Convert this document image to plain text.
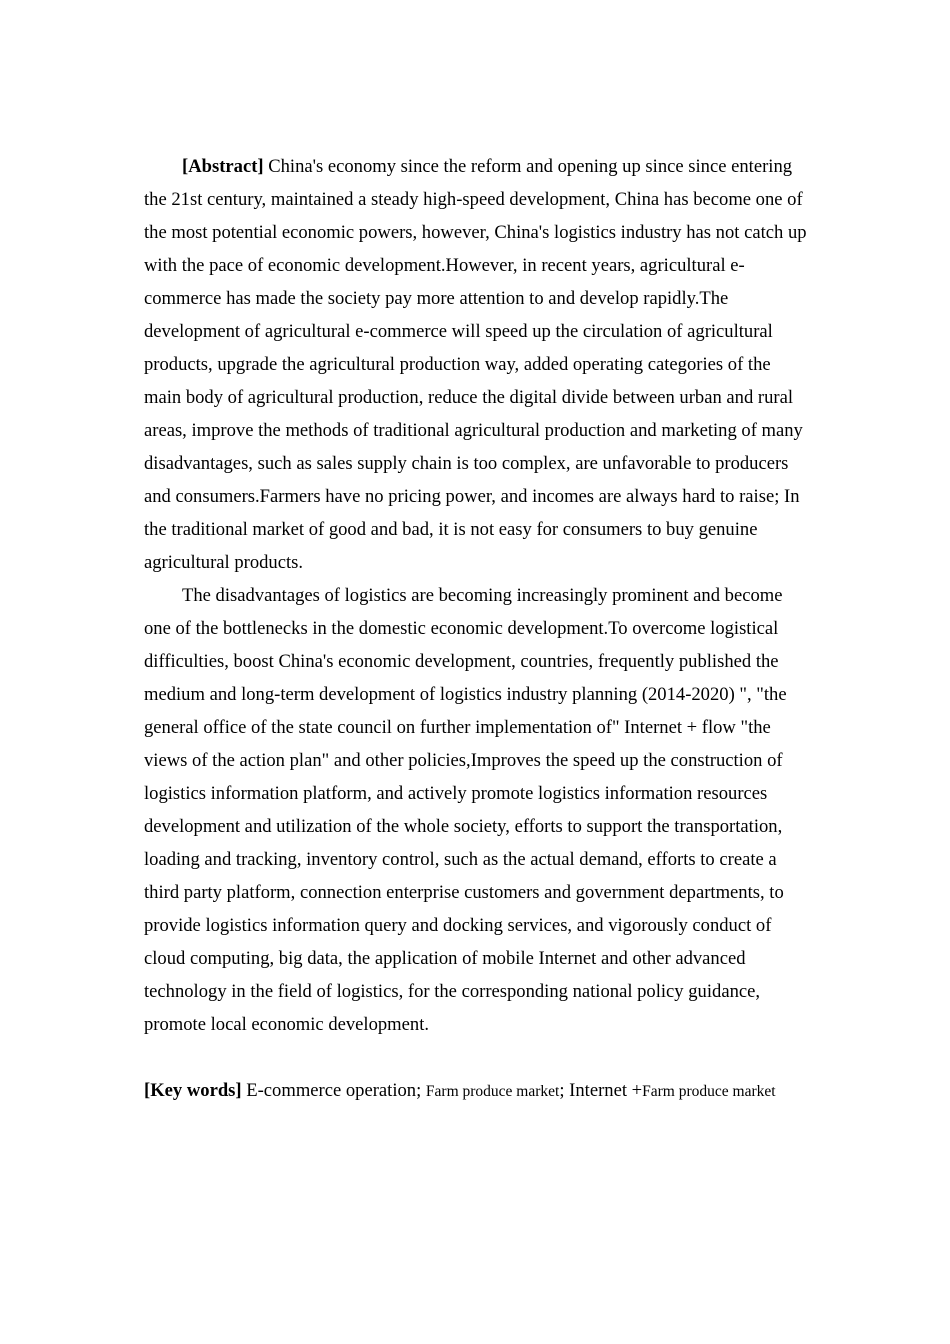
[Abstract] China's economy since the reform and opening up since since entering the 21st century, maintained a steady high-speed development, China has become one of the most potential economic powers, however, China's logistics industry has not catch up with the pace of economic development.However, in recent years, agricultural e-commerce has made the society pay more attention to and develop rapidly.The development of agricultural e-commerce will speed up the circulation of agricultural products, upgrade the agricultural production way, added operating categories of the main body of agricultural production, reduce the digital divide between urban and rural areas, improve the methods of traditional agricultural production and marketing of many disadvantages, such as sales supply chain is too complex, are unfavorable to producers and consumers.Farmers have no pricing power, and incomes are always hard to raise; In the traditional market of good and bad, it is not easy for consumers to buy genuine agricultural products.

The disadvantages of logistics are becoming increasingly prominent and become one of the bottlenecks in the domestic economic development.To overcome logistical difficulties, boost China's economic development, countries, frequently published the medium and long-term development of logistics industry planning (2014-2020) ", "the general office of the state council on further implementation of" Internet + flow "the views of the action plan" and other policies,Improves the speed up the construction of logistics information platform, and actively promote logistics information resources development and utilization of the whole society, efforts to support the transportation, loading and tracking, inventory control, such as the actual demand, efforts to create a third party platform, connection enterprise customers and government departments, to provide logistics information query and docking services, and vigorously conduct of cloud computing, big data, the application of mobile Internet and other advanced technology in the field of logistics, for the corresponding national policy guidance, promote local economic development.

[Key words] E-commerce operation; Farm produce market; Internet +Farm produce market
